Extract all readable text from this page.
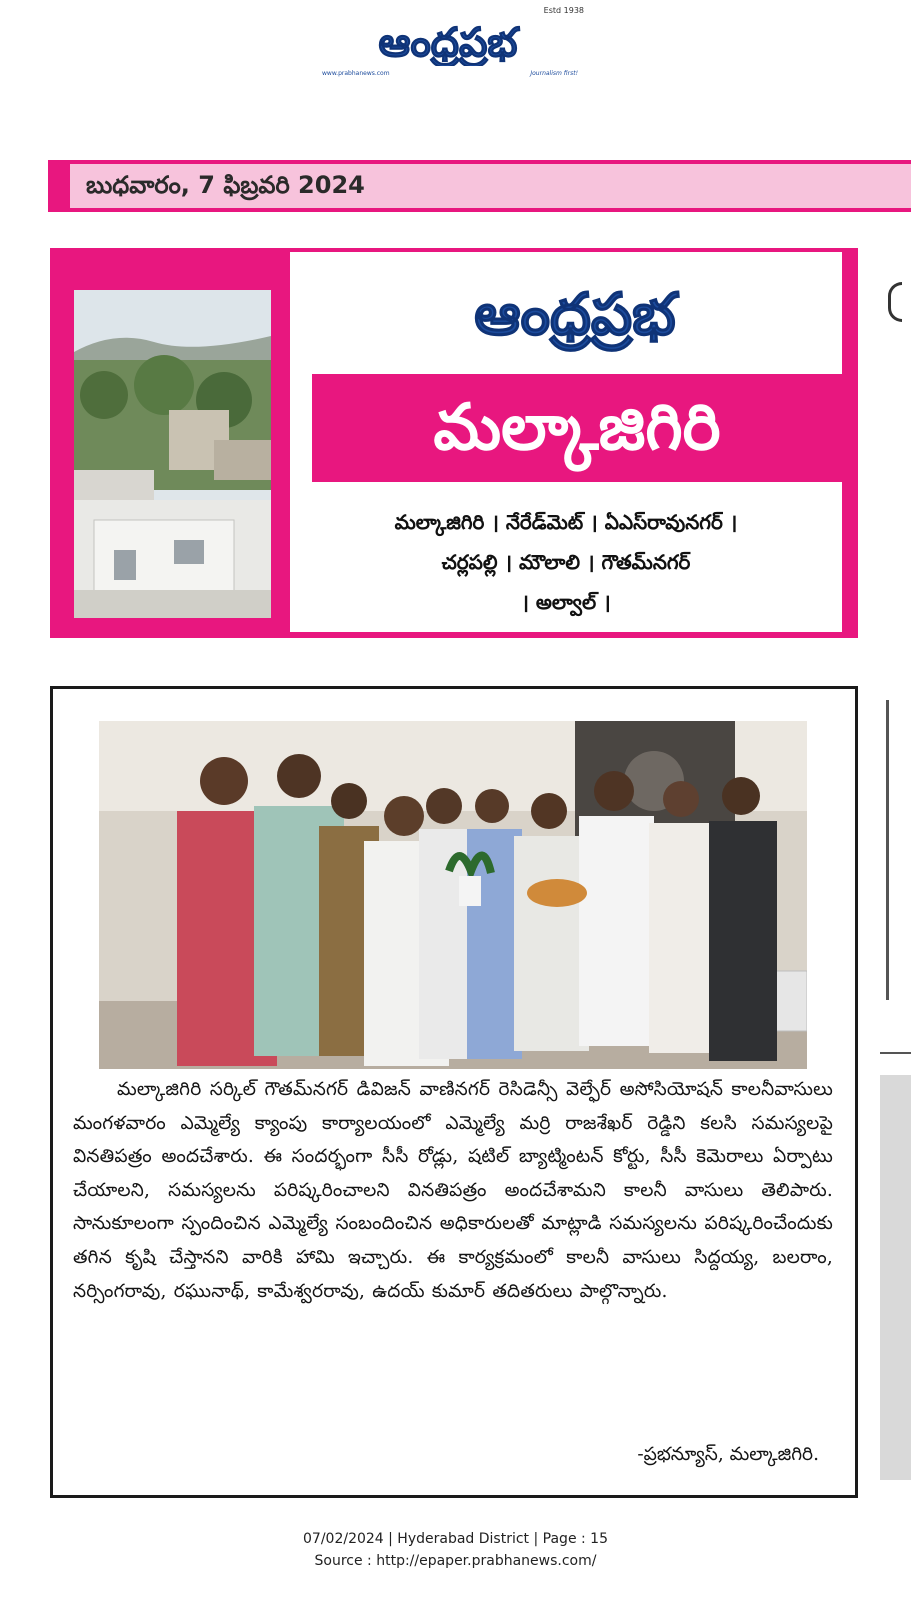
Estd 1938
ఆంధ్రప్రభ
www.prabhanews.com	Journalism first!
బుధవారం, 7 ఫిబ్రవరి 2024
ఆంధ్రప్రభ
మల్కాజిగిరి
మల్కాజిగిరి । నేరేడ్‌మెట్ । ఏఎస్‌రావునగర్ ।
చర్లపల్లి । మౌలాలి । గౌతమ్‌నగర్
। అల్వాల్ ।
మల్కాజిగిరి సర్కిల్ గౌతమ్‌నగర్ డివిజన్ వాణినగర్ రెసిడెన్సీ వెల్ఫేర్ అసోసియోషన్ కాలనీవాసులు మంగళవారం ఎమ్మెల్యే క్యాంపు కార్యాలయంలో ఎమ్మెల్యే మర్రి రాజశేఖర్ రెడ్డిని కలసి సమస్యలపై వినతిపత్రం అందచేశారు. ఈ సందర్భంగా సీసీ రోడ్లు, షటిల్ బ్యాట్మింటన్ కోర్టు, సీసీ కెమెరాలు ఏర్పాటు చేయాలని, సమస్యలను పరిష్కరించాలని వినతిపత్రం అందచేశామని కాలనీ వాసులు తెలిపారు. సానుకూలంగా స్పందించిన ఎమ్మెల్యే సంబందించిన అధికారులతో మాట్లాడి సమస్యలను పరిష్కరించేందుకు తగిన కృషి చేస్తానని వారికి హామి ఇచ్చారు. ఈ కార్యక్రమంలో కాలనీ వాసులు సిద్దయ్య, బలరాం, నర్సింగరావు, రఘునాథ్, కామేశ్వరరావు, ఉదయ్ కుమార్ తదితరులు పాల్గొన్నారు.
-ప్రభన్యూస్, మల్కాజిగిరి.
07/02/2024 | Hyderabad District | Page : 15
Source : http://epaper.prabhanews.com/
